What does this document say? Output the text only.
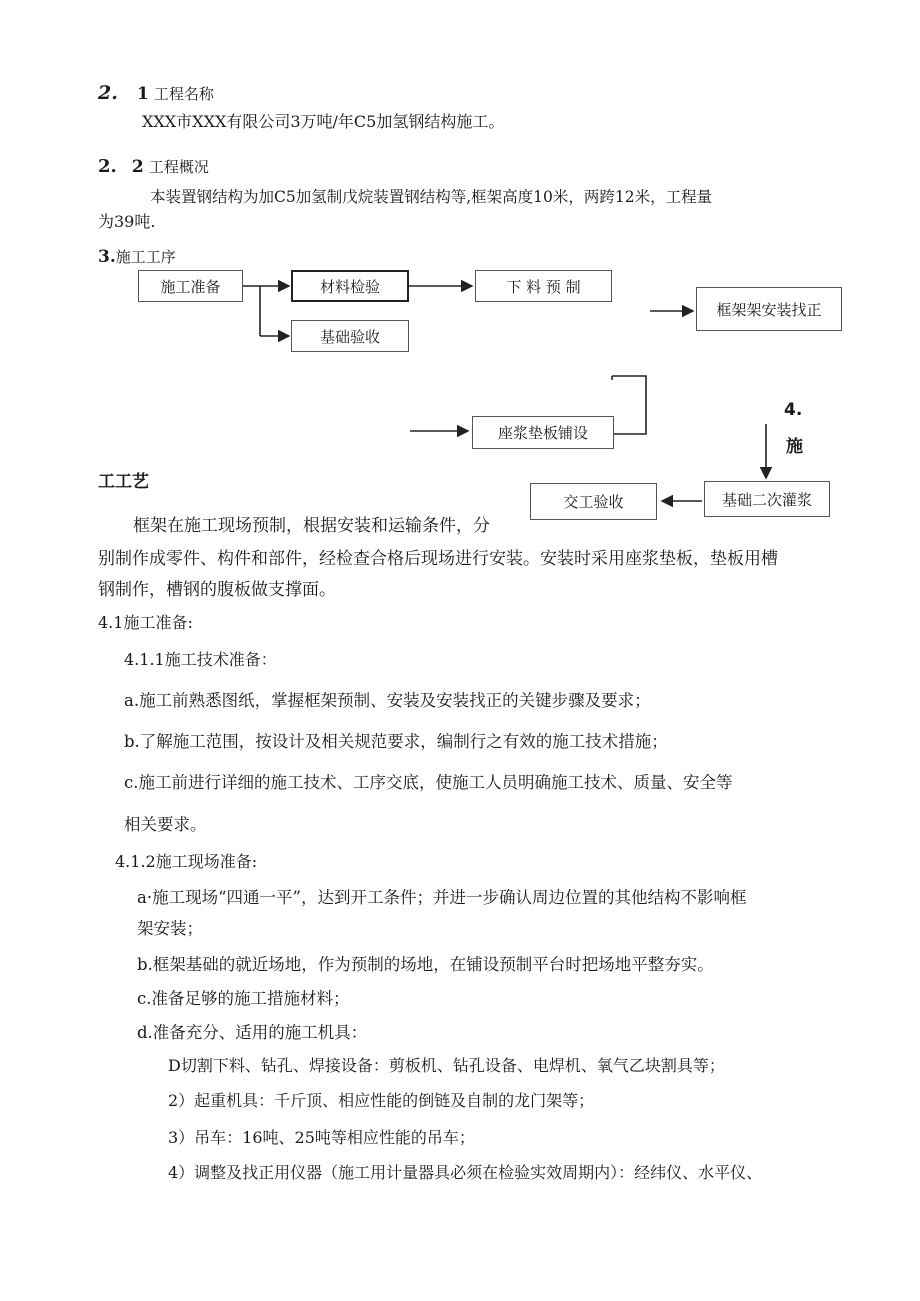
2. 1 工程名称
XXX市XXX有限公司3万吨/年C5加氢钢结构施工。
2. 2 工程概况
本装置钢结构为加C5加氢制戊烷装置钢结构等,框架高度10米，两跨12米，工程量
为39吨.
3.施工工序
施工准备	材料检验	下 料 预 制
基础验收
框架架安装找正
座浆垫板铺设
交工验收	基础二次灌浆
4.
施
工工艺
框架在施工现场预制，根据安装和运输条件，分
别制作成零件、构件和部件，经检查合格后现场进行安装。安装时采用座浆垫板，垫板用槽
钢制作，槽钢的腹板做支撑面。
4.1施工准备:
4.1.1施工技术准备：
a.施工前熟悉图纸，掌握框架预制、安装及安装找正的关键步骤及要求；
b.了解施工范围，按设计及相关规范要求，编制行之有效的施工技术措施；
c.施工前进行详细的施工技术、工序交底，使施工人员明确施工技术、质量、安全等
相关要求。
4.1.2施工现场准备:
a·施工现场“四通一平”，达到开工条件；并进一步确认周边位置的其他结构不影响框
架安装；
b.框架基础的就近场地，作为预制的场地，在铺设预制平台时把场地平整夯实。
c.准备足够的施工措施材料；
d.准备充分、适用的施工机具：
D切割下料、钻孔、焊接设备：剪板机、钻孔设备、电焊机、氧气乙块割具等；
2）起重机具：千斤顶、相应性能的倒链及自制的龙门架等；
3）吊车：16吨、25吨等相应性能的吊车；
4）调整及找正用仪器（施工用计量器具必须在检验实效周期内）：经纬仪、水平仪、
